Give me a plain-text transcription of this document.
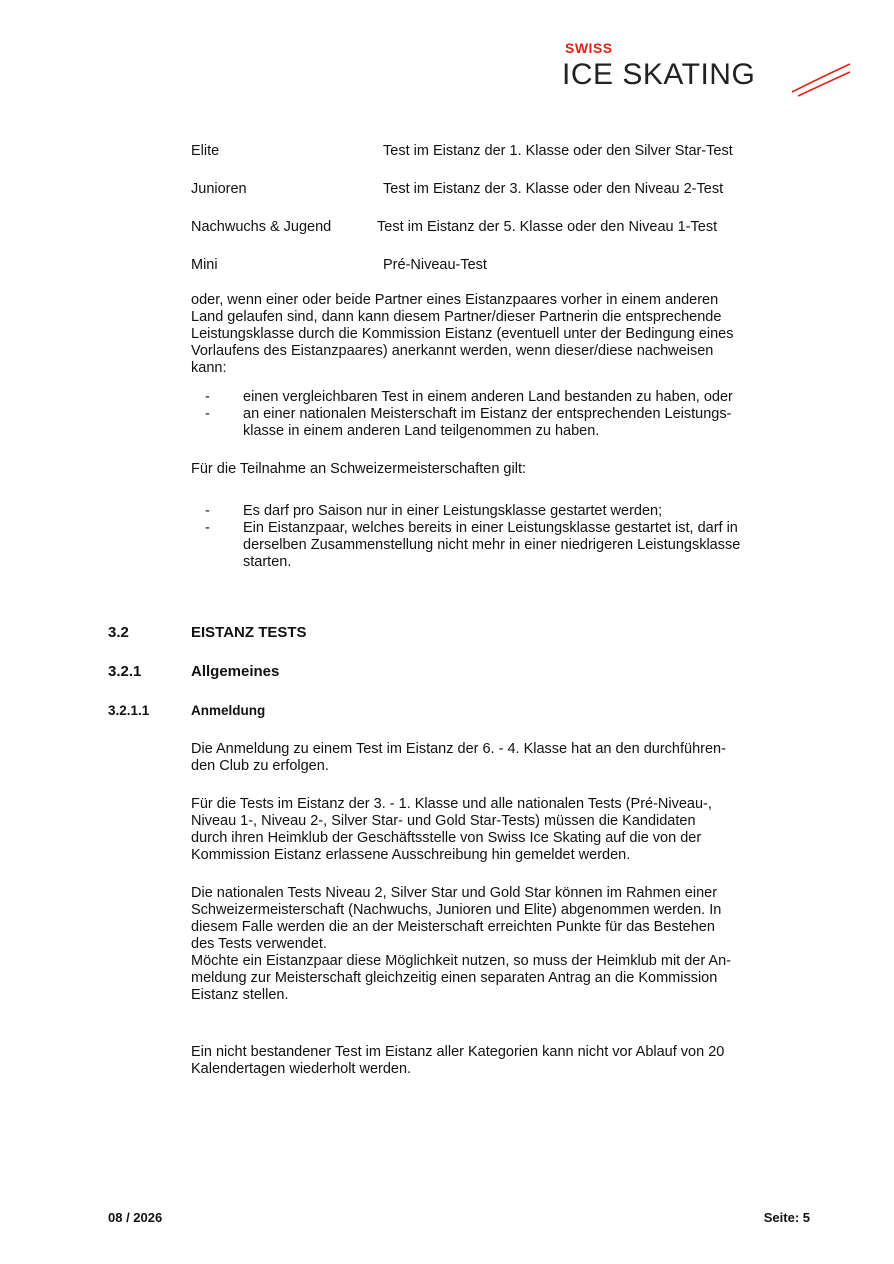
SWISS
ICE SKATING
Elite	Test im Eistanz der 1. Klasse oder den Silver Star-Test
Junioren	Test im Eistanz der 3. Klasse oder den Niveau 2-Test
Nachwuchs & Jugend	Test im Eistanz der 5. Klasse oder den Niveau 1-Test
Mini	Pré-Niveau-Test
oder, wenn einer oder beide Partner eines Eistanzpaares vorher in einem anderen
Land gelaufen sind, dann kann diesem Partner/dieser Partnerin die entsprechende
Leistungsklasse durch die Kommission Eistanz (eventuell unter der Bedingung eines
Vorlaufens des Eistanzpaares) anerkannt werden, wenn dieser/diese nachweisen
kann:
- einen vergleichbaren Test in einem anderen Land bestanden zu haben, oder
- an einer nationalen Meisterschaft im Eistanz der entsprechenden Leistungs-
klasse in einem anderen Land teilgenommen zu haben.
Für die Teilnahme an Schweizermeisterschaften gilt:
- Es darf pro Saison nur in einer Leistungsklasse gestartet werden;
- Ein Eistanzpaar, welches bereits in einer Leistungsklasse gestartet ist, darf in
derselben Zusammenstellung nicht mehr in einer niedrigeren Leistungsklasse
starten.
3.2	EISTANZ TESTS
3.2.1	Allgemeines
3.2.1.1	Anmeldung
Die Anmeldung zu einem Test im Eistanz der 6. - 4. Klasse hat an den durchführen-
den Club zu erfolgen.
Für die Tests im Eistanz der 3. - 1. Klasse und alle nationalen Tests (Pré-Niveau-,
Niveau 1-, Niveau 2-, Silver Star- und Gold Star-Tests) müssen die Kandidaten
durch ihren Heimklub der Geschäftsstelle von Swiss Ice Skating auf die von der
Kommission Eistanz erlassene Ausschreibung hin gemeldet werden.
Die nationalen Tests Niveau 2, Silver Star und Gold Star können im Rahmen einer
Schweizermeisterschaft (Nachwuchs, Junioren und Elite) abgenommen werden. In
diesem Falle werden die an der Meisterschaft erreichten Punkte für das Bestehen
des Tests verwendet.
Möchte ein Eistanzpaar diese Möglichkeit nutzen, so muss der Heimklub mit der An-
meldung zur Meisterschaft gleichzeitig einen separaten Antrag an die Kommission
Eistanz stellen.
Ein nicht bestandener Test im Eistanz aller Kategorien kann nicht vor Ablauf von 20
Kalendertagen wiederholt werden.
08 / 2026	Seite: 5
